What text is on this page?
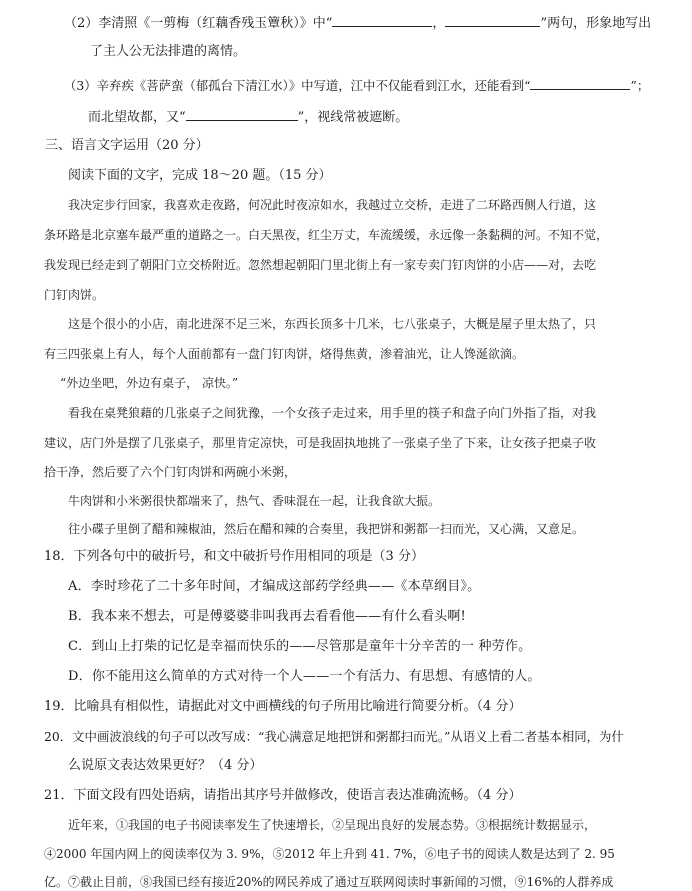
（2）李清照《一剪梅（红藕香残玉簟秋）》中“	，	”两句，形象地写出
了主人公无法排遣的离情。
（3）辛弃疾《菩萨蛮（郁孤台下清江水）》中写道，江中不仅能看到江水，还能看到“	”；
而北望故都，又“	”，视线常被遮断。
三、语言文字运用（20 分）
阅读下面的文字，完成 18～20 题。（15 分）
我决定步行回家，我喜欢走夜路，何况此时夜凉如水，我越过立交桥，走进了二环路西侧人行道，这
条环路是北京塞车最严重的道路之一。白天黑夜，红尘万丈，车流缓缓，永远像一条黏稠的河。不知不觉，
我发现已经走到了朝阳门立交桥附近。忽然想起朝阳门里北街上有一家专卖门钉肉饼的小店——对，去吃
门钉肉饼。
这是个很小的小店，南北进深不足三米，东西长顶多十几米，七八张桌子，大概是屋子里太热了，只
有三四张桌上有人，每个人面前都有一盘门钉肉饼，烙得焦黄，渗着油光，让人馋涎欲滴。
“外边坐吧，外边有桌子， 凉快。”
看我在桌凳狼藉的几张桌子之间犹豫，一个女孩子走过来，用手里的筷子和盘子向门外指了指，对我
建议，店门外是摆了几张桌子，那里肯定凉快，可是我固执地挑了一张桌子坐了下来，让女孩子把桌子收
拾干净，然后要了六个门钉肉饼和两碗小米粥，
牛肉饼和小米粥很快都端来了，热气、香味混在一起，让我食欲大振。
往小碟子里倒了醋和辣椒油，然后在醋和辣的合奏里，我把饼和粥都一扫而光，又心满，又意足。
18．下列各句中的破折号，和文中破折号作用相同的项是（3 分）
A．李时珍花了二十多年时间，才编成这部药学经典——《本草纲目》。
B．我本来不想去，可是傅婆婆非叫我再去看看他——有什么看头啊!
C．到山上打柴的记忆是幸福而快乐的——尽管那是童年十分辛苦的一 种劳作。
D．你不能用这么简单的方式对待一个人——一个有活力、有思想、有感情的人。
19．比喻具有相似性，请据此对文中画横线的句子所用比喻进行简要分析。（4 分）
20．文中画波浪线的句子可以改写成：“我心满意足地把饼和粥都扫而光。”从语义上看二者基本相同，为什
么说原文表达效果更好？（4 分）
21．下面文段有四处语病，请指出其序号并做修改，使语言表达准确流畅。（4 分）
近年来，①我国的电子书阅读率发生了快速增长，②呈现出良好的发展态势。③根据统计数据显示，
④2000 年国内网上的阅读率仅为 3. 9%，⑤2012 年上升到 41. 7%，⑥电子书的阅读人数是达到了 2. 95
亿。⑦截止目前，⑧我国已经有接近20%的网民养成了通过互联网阅读时事新闻的习惯，⑨16%的人群养成
